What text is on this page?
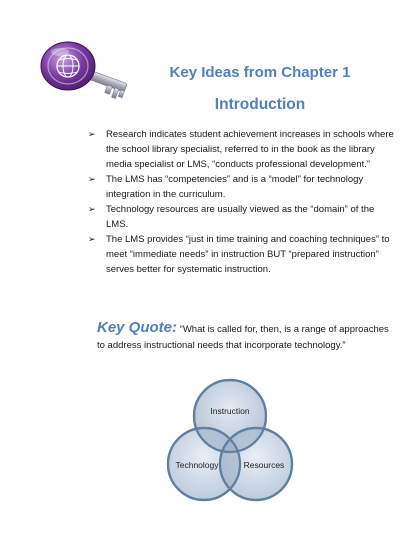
Key Ideas from Chapter 1
Introduction
➢ Research indicates student achievement increases in schools where the school library specialist, referred to in the book as the library media specialist or LMS, “conducts professional development.”
➢ The LMS has “competencies” and is a “model” for technology integration in the curriculum.
➢ Technology resources are usually viewed as the “domain” of the LMS.
➢ The LMS provides “just in time training and coaching techniques” to meet “immediate needs” in instruction BUT “prepared instruction” serves better for systematic instruction.
Key Quote: “What is called for, then, is a range of approaches to address instructional needs that incorporate technology.”
Instruction
Technology	Resources
